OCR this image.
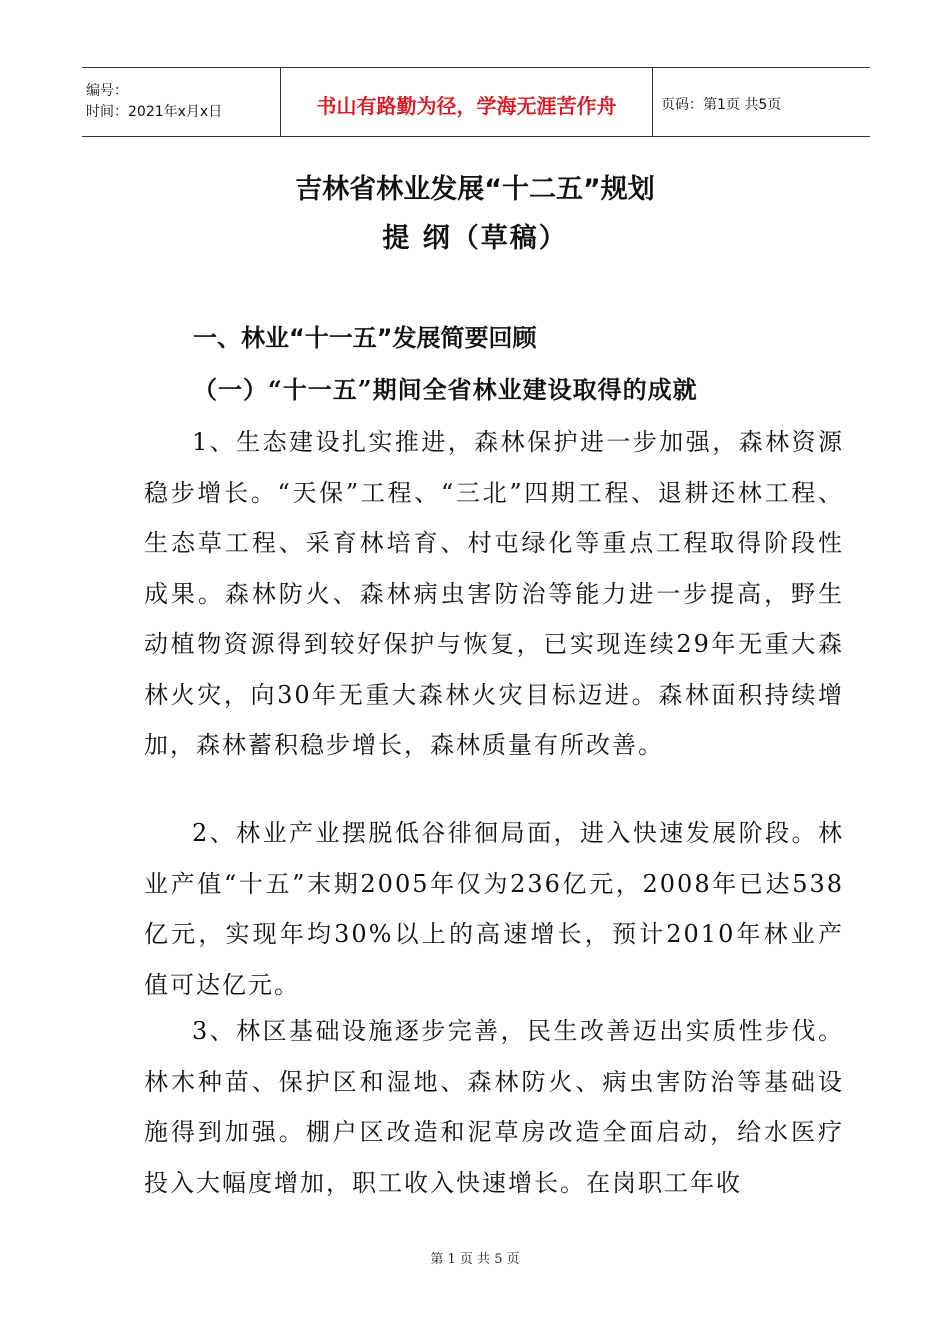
编号：
时间：2021年x月x日	书山有路勤为径，学海无涯苦作舟	页码：第1页 共5页
吉林省林业发展“十二五”规划
提 纲（草稿）
一、林业“十一五”发展简要回顾
（一）“十一五”期间全省林业建设取得的成就

1、生态建设扎实推进，森林保护进一步加强，森林资源稳步增长。“天保”工程、“三北”四期工程、退耕还林工程、生态草工程、采育林培育、村屯绿化等重点工程取得阶段性成果。森林防火、森林病虫害防治等能力进一步提高，野生动植物资源得到较好保护与恢复，已实现连续29年无重大森林火灾，向30年无重大森林火灾目标迈进。森林面积持续增加，森林蓄积稳步增长，森林质量有所改善。

2、林业产业摆脱低谷徘徊局面，进入快速发展阶段。林业产值“十五”末期2005年仅为236亿元，2008年已达538亿元，实现年均30%以上的高速增长，预计2010年林业产值可达亿元。

3、林区基础设施逐步完善，民生改善迈出实质性步伐。林木种苗、保护区和湿地、森林防火、病虫害防治等基础设施得到加强。棚户区改造和泥草房改造全面启动，给水医疗投入大幅度增加，职工收入快速增长。在岗职工年收

第 1 页 共 5 页
